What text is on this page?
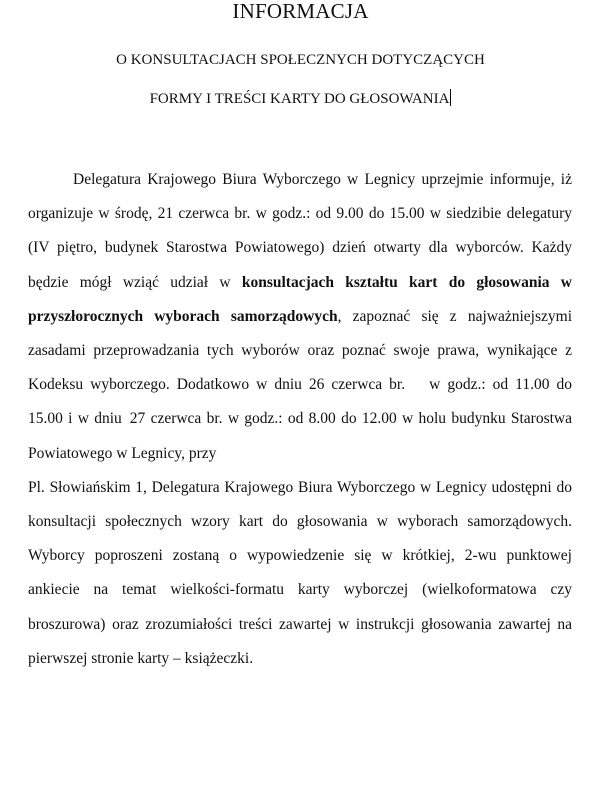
INFORMACJA
O KONSULTACJACH SPOŁECZNYCH DOTYCZĄCYCH
FORMY I TREŚCI KARTY DO GŁOSOWANIA

Delegatura Krajowego Biura Wyborczego w Legnicy uprzejmie informuje, iż organizuje w środę, 21 czerwca br. w godz.: od 9.00 do 15.00 w siedzibie delegatury (IV piętro, budynek Starostwa Powiatowego) dzień otwarty dla wyborców. Każdy będzie mógł wziąć udział w konsultacjach kształtu kart do głosowania w przyszłorocznych wyborach samorządowych, zapoznać się z najważniejszymi zasadami przeprowadzania tych wyborów oraz poznać swoje prawa, wynikające z Kodeksu wyborczego. Dodatkowo w dniu 26 czerwca br. w godz.: od 11.00 do 15.00 i w dniu 27 czerwca br. w godz.: od 8.00 do 12.00 w holu budynku Starostwa Powiatowego w Legnicy, przy

Pl. Słowiańskim 1, Delegatura Krajowego Biura Wyborczego w Legnicy udostępni do konsultacji społecznych wzory kart do głosowania w wyborach samorządowych. Wyborcy poproszeni zostaną o wypowiedzenie się w krótkiej, 2-wu punktowej ankiecie na temat wielkości-formatu karty wyborczej (wielkoformatowa czy broszurowa) oraz zrozumiałości treści zawartej w instrukcji głosowania zawartej na pierwszej stronie karty – książeczki.
